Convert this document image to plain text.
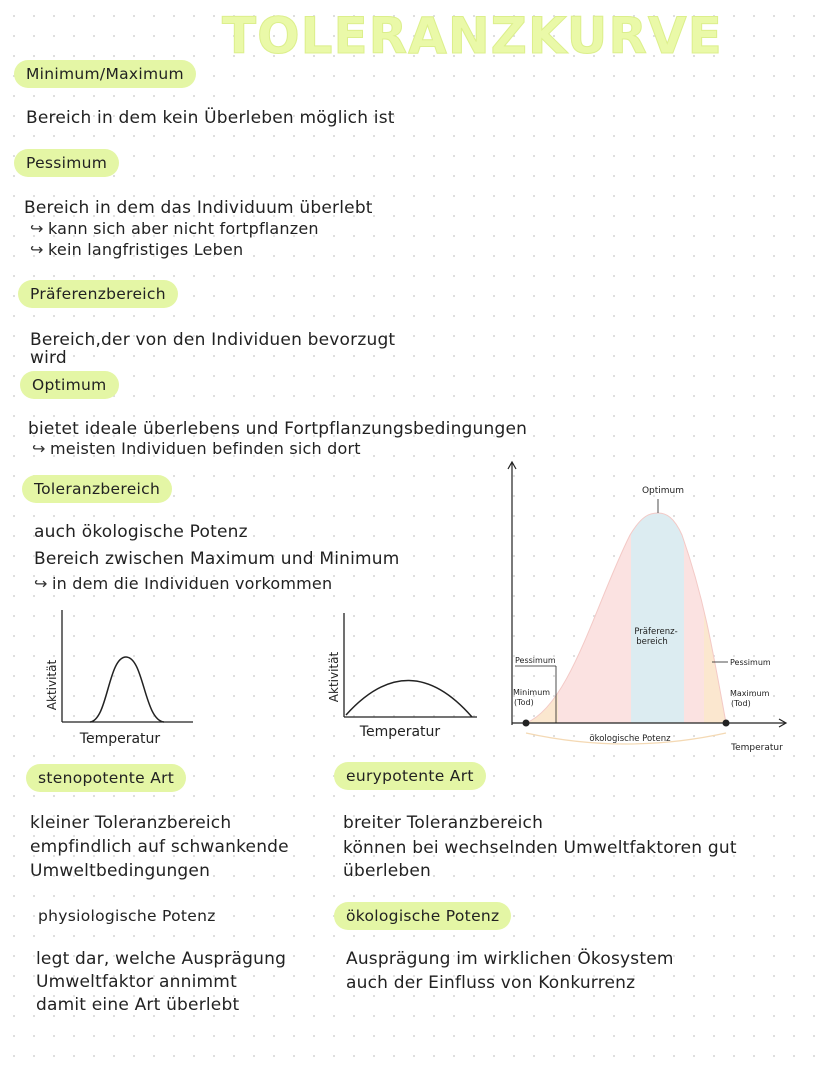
TOLERANZKURVE
Minimum/Maximum
Bereich in dem kein Überleben möglich ist
Pessimum
Bereich in dem das Individuum überlebt
↪ kann sich aber nicht fortpflanzen
↪ kein langfristiges Leben
Präferenzbereich
Bereich,der von den Individuen bevorzugt
wird
Optimum
bietet ideale überlebens und Fortpflanzungsbedingungen
↪ meisten Individuen befinden sich dort
Toleranzbereich
auch ökologische Potenz
Bereich zwischen Maximum und Minimum
↪ in dem die Individuen vorkommen
Aktivität
Temperatur
Aktivität
Temperatur
Optimum
Präferenz-
bereich
Pessimum	Pessimum
Minimum
(Tod)
Maximum
(Tod)
ökologische Potenz
Temperatur
stenopotente Art
kleiner Toleranzbereich
empfindlich auf schwankende
Umweltbedingungen
eurypotente Art
breiter Toleranzbereich
können bei wechselnden Umweltfaktoren gut
überleben
physiologische Potenz
legt dar, welche Ausprägung
Umweltfaktor annimmt
damit eine Art überlebt
ökologische Potenz
Ausprägung im wirklichen Ökosystem
auch der Einfluss von Konkurrenz
